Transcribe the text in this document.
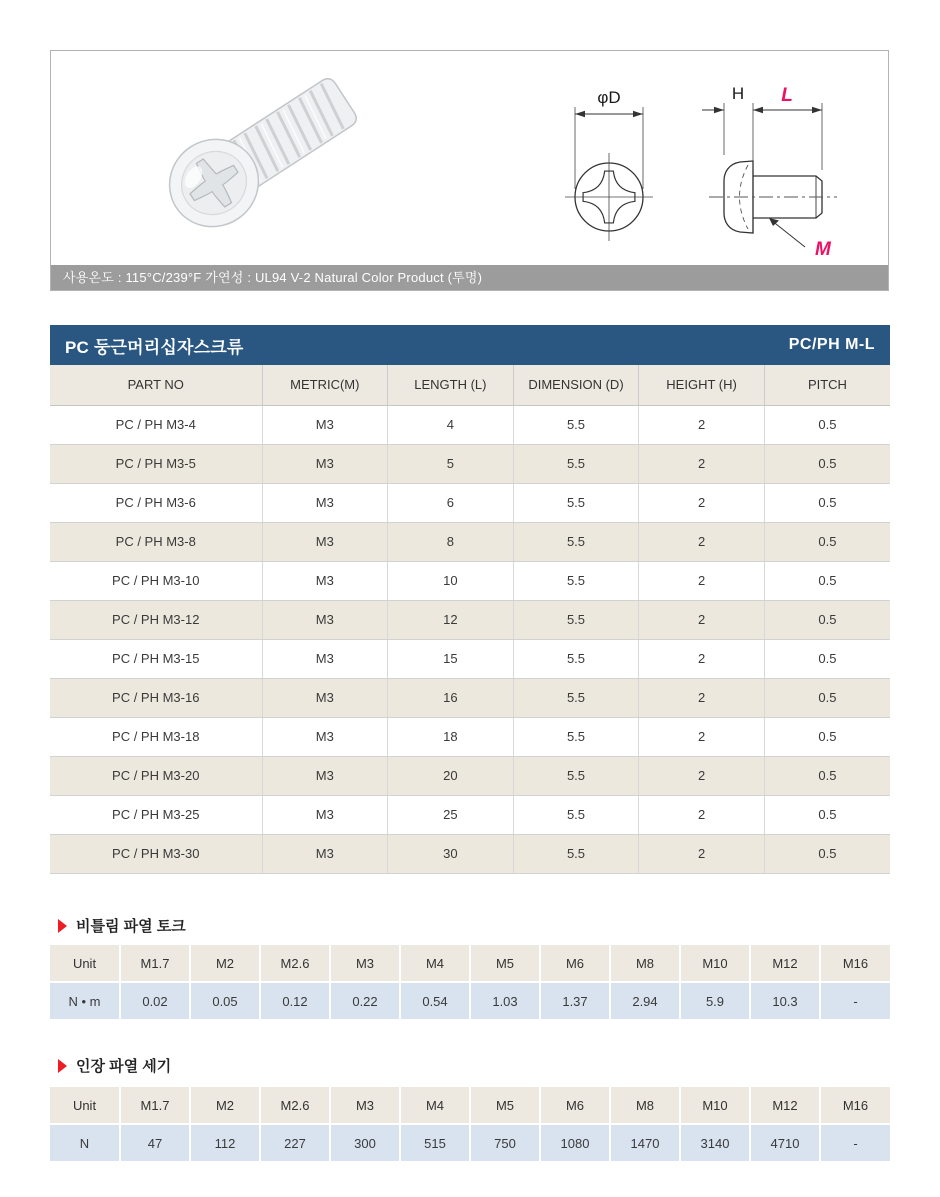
φD	H L
M
사용온도 : 115°C/239°F 가연성 : UL94 V-2 Natural Color Product (투명)
PC 둥근머리십자스크류	PC/PH M-L
PART NO	METRIC(M)	LENGTH (L)	DIMENSION (D)	HEIGHT (H)	PITCH
PC / PH M3-4	M3	4	5.5	2	0.5
PC / PH M3-5	M3	5	5.5	2	0.5
PC / PH M3-6	M3	6	5.5	2	0.5
PC / PH M3-8	M3	8	5.5	2	0.5
PC / PH M3-10	M3	10	5.5	2	0.5
PC / PH M3-12	M3	12	5.5	2	0.5
PC / PH M3-15	M3	15	5.5	2	0.5
PC / PH M3-16	M3	16	5.5	2	0.5
PC / PH M3-18	M3	18	5.5	2	0.5
PC / PH M3-20	M3	20	5.5	2	0.5
PC / PH M3-25	M3	25	5.5	2	0.5
PC / PH M3-30	M3	30	5.5	2	0.5
비틀림 파열 토크
Unit	M1.7	M2	M2.6	M3	M4	M5	M6	M8	M10	M12	M16
N • m	0.02	0.05	0.12	0.22	0.54	1.03	1.37	2.94	5.9	10.3	-
인장 파열 세기
Unit	M1.7	M2	M2.6	M3	M4	M5	M6	M8	M10	M12	M16
N	47	112	227	300	515	750	1080	1470	3140	4710	-
